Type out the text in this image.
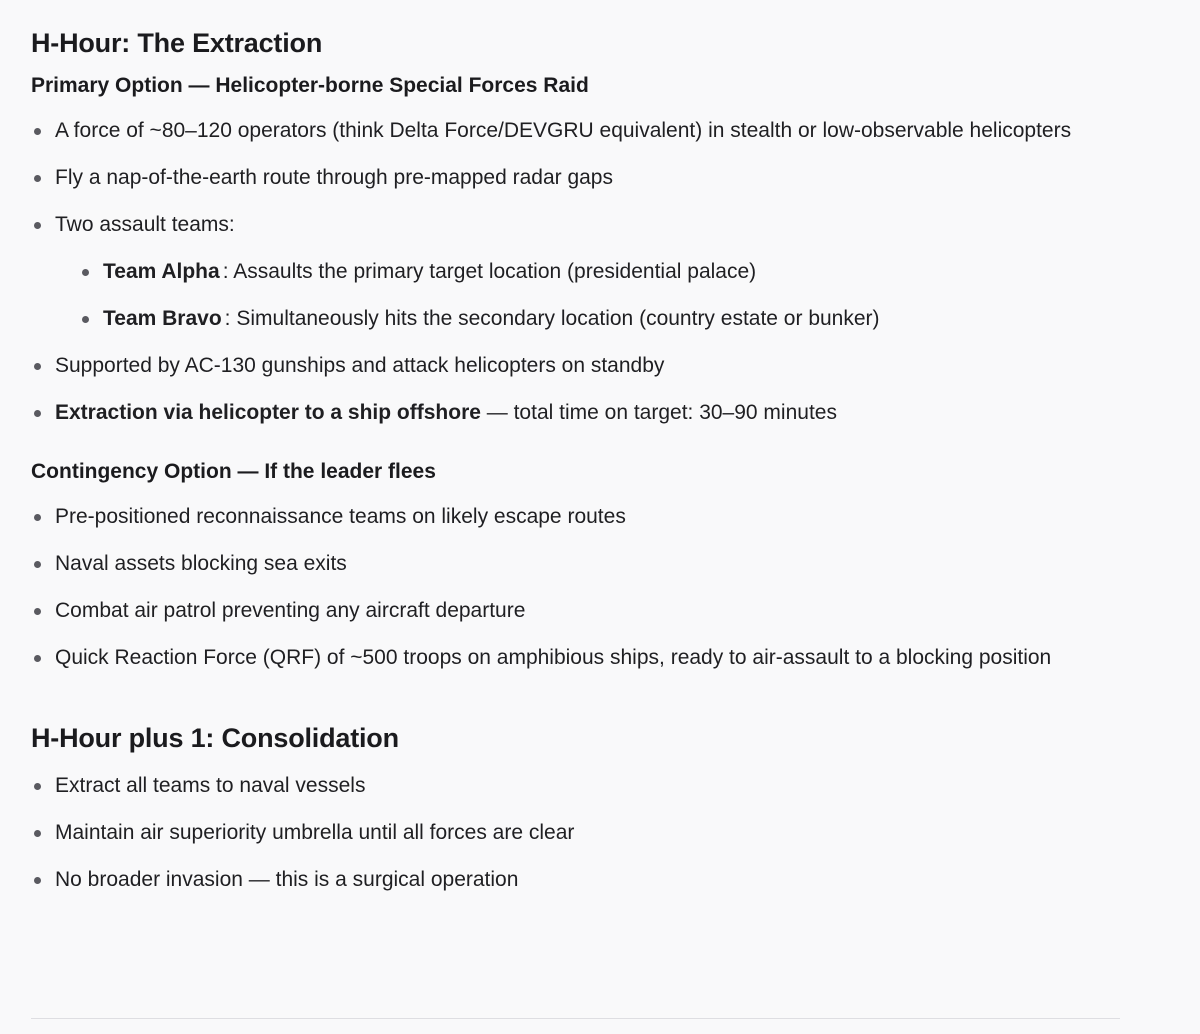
H-Hour: The Extraction
Primary Option — Helicopter-borne Special Forces Raid
A force of ~80–120 operators (think Delta Force/DEVGRU equivalent) in stealth or low-observable helicopters
Fly a nap-of-the-earth route through pre-mapped radar gaps
Two assault teams:
Team Alpha : Assaults the primary target location (presidential palace)
Team Bravo : Simultaneously hits the secondary location (country estate or bunker)
Supported by AC-130 gunships and attack helicopters on standby
Extraction via helicopter to a ship offshore — total time on target: 30–90 minutes
Contingency Option — If the leader flees
Pre-positioned reconnaissance teams on likely escape routes
Naval assets blocking sea exits
Combat air patrol preventing any aircraft departure
Quick Reaction Force (QRF) of ~500 troops on amphibious ships, ready to air-assault to a blocking position
H-Hour plus 1: Consolidation
Extract all teams to naval vessels
Maintain air superiority umbrella until all forces are clear
No broader invasion — this is a surgical operation
